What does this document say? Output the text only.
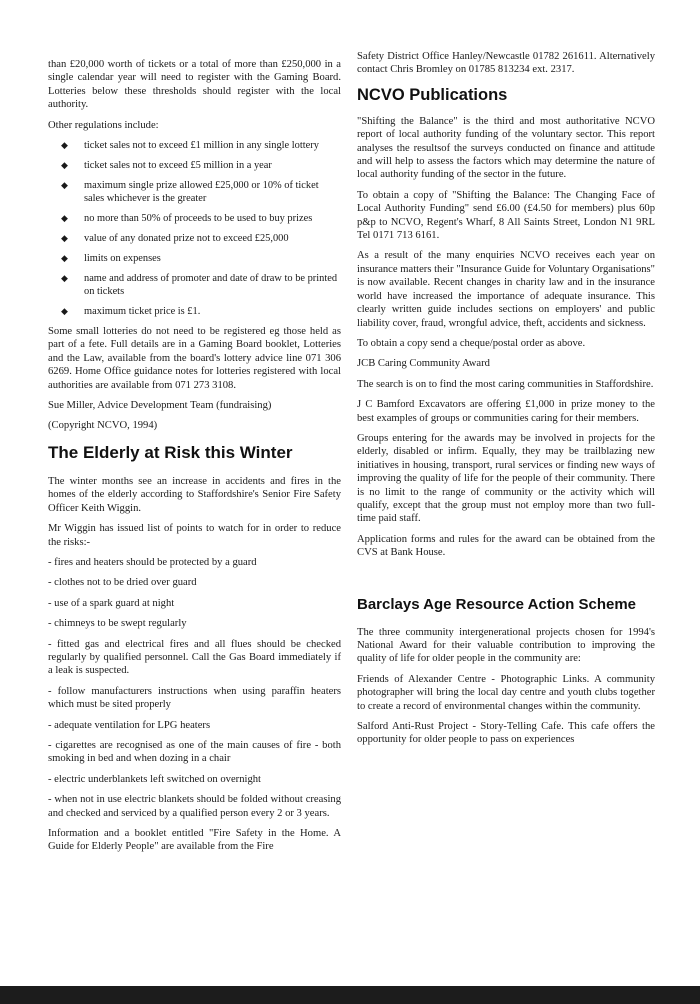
than £20,000 worth of tickets or a total of more than £250,000 in a single calendar year will need to register with the Gaming Board. Lotteries below these thresholds should register with the local authority.

Other regulations include:

◆ ticket sales not to exceed £1 million in any single lottery
◆ ticket sales not to exceed £5 million in a year
◆ maximum single prize allowed £25,000 or 10% of ticket sales whichever is the greater
◆ no more than 50% of proceeds to be used to buy prizes
◆ value of any donated prize not to exceed £25,000
◆ limits on expenses
◆ name and address of promoter and date of draw to be printed on tickets
◆ maximum ticket price is £1.

Some small lotteries do not need to be registered eg those held as part of a fete. Full details are in a Gaming Board booklet, Lotteries and the Law, available from the board's lottery advice line 071 306 6269. Home Office guidance notes for lotteries registered with local authorities are available from 071 273 3108.

Sue Miller, Advice Development Team (fundraising)

(Copyright NCVO, 1994)

The Elderly at Risk this Winter

The winter months see an increase in accidents and fires in the homes of the elderly according to Staffordshire's Senior Fire Safety Officer Keith Wiggin.

Mr Wiggin has issued list of points to watch for in order to reduce the risks:-

- fires and heaters should be protected by a guard

- clothes not to be dried over guard

- use of a spark guard at night

- chimneys to be swept regularly

- fitted gas and electrical fires and all flues should be checked regularly by qualified personnel. Call the Gas Board immediately if a leak is suspected.

- follow manufacturers instructions when using paraffin heaters which must be sited properly

- adequate ventilation for LPG heaters

- cigarettes are recognised as one of the main causes of fire - both smoking in bed and when dozing in a chair

- electric underblankets left switched on overnight

- when not in use electric blankets should be folded without creasing and checked and serviced by a qualified person every 2 or 3 years.

Information and a booklet entitled "Fire Safety in the Home. A Guide for Elderly People" are available from the Fire

Safety District Office Hanley/Newcastle 01782 261611. Alternatively contact Chris Bromley on 01785 813234 ext. 2317.

NCVO Publications

"Shifting the Balance" is the third and most authoritative NCVO report of local authority funding of the voluntary sector. This report analyses the resultsof the surveys conducted on finance and attitude and will help to assess the factors which may determine the nature of local authority funding of the sector in the future.

To obtain a copy of "Shifting the Balance: The Changing Face of Local Authority Funding" send £6.00 (£4.50 for members) plus 60p p&p to NCVO, Regent's Wharf, 8 All Saints Street, London N1 9RL Tel 0171 713 6161.

As a result of the many enquiries NCVO receives each year on insurance matters their "Insurance Guide for Voluntary Organisations" is now available. Recent changes in charity law and in the insurance world have increased the importance of adequate insurance. This clearly written guide includes sections on employers' and public liability cover, fraud, wrongful advice, theft, accidents and sickness.

To obtain a copy send a cheque/postal order as above.

JCB Caring Community Award

The search is on to find the most caring communities in Staffordshire.

J C Bamford Excavators are offering £1,000 in prize money to the best examples of groups or communities caring for their members.

Groups entering for the awards may be involved in projects for the elderly, disabled or infirm. Equally, they may be trailblazing new initiatives in housing, transport, rural services or finding new ways of improving the quality of life for the people of their community. There is no limit to the range of community or the activity which will qualify, except that the group must not employ more than two full-time paid staff.

Application forms and rules for the award can be obtained from the CVS at Bank House.

Barclays Age Resource Action Scheme

The three community intergenerational projects chosen for 1994's National Award for their valuable contribution to improving the quality of life for older people in the community are:

Friends of Alexander Centre - Photographic Links. A community photographer will bring the local day centre and youth clubs together to create a record of environmental changes within the community.

Salford Anti-Rust Project - Story-Telling Cafe. This cafe offers the opportunity for older people to pass on experiences
